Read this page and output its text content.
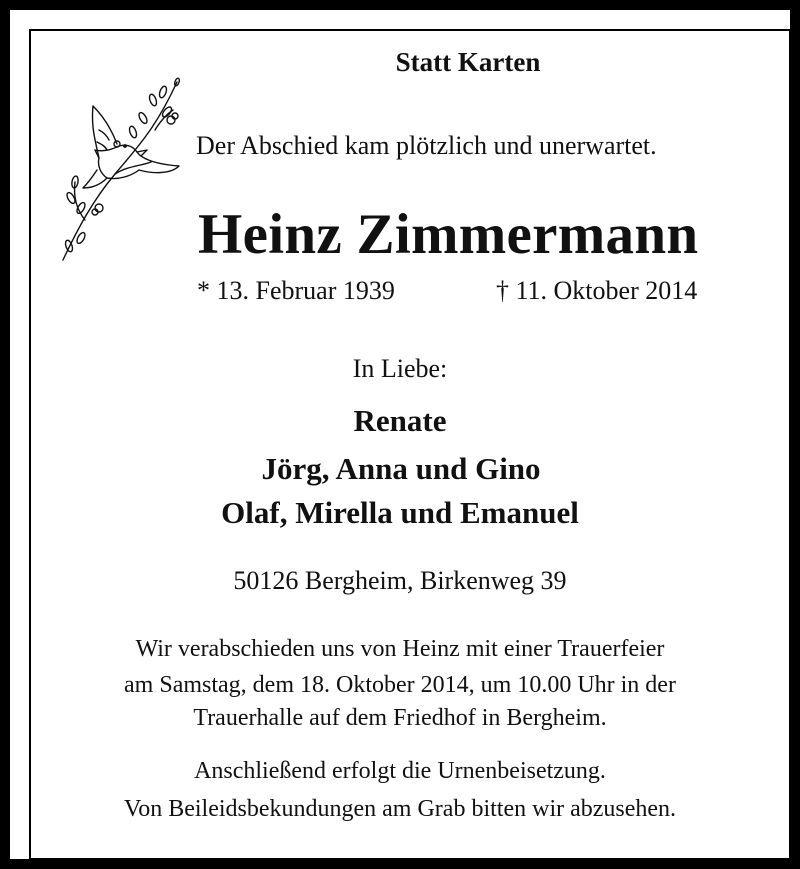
Statt Karten
Der Abschied kam plötzlich und unerwartet.
Heinz Zimmermann
* 13. Februar 1939	† 11. Oktober 2014
In Liebe:
Renate
Jörg, Anna und Gino
Olaf, Mirella und Emanuel
50126 Bergheim, Birkenweg 39
Wir verabschieden uns von Heinz mit einer Trauerfeier
am Samstag, dem 18. Oktober 2014, um 10.00 Uhr in der
Trauerhalle auf dem Friedhof in Bergheim.
Anschließend erfolgt die Urnenbeisetzung.
Von Beileidsbekundungen am Grab bitten wir abzusehen.
